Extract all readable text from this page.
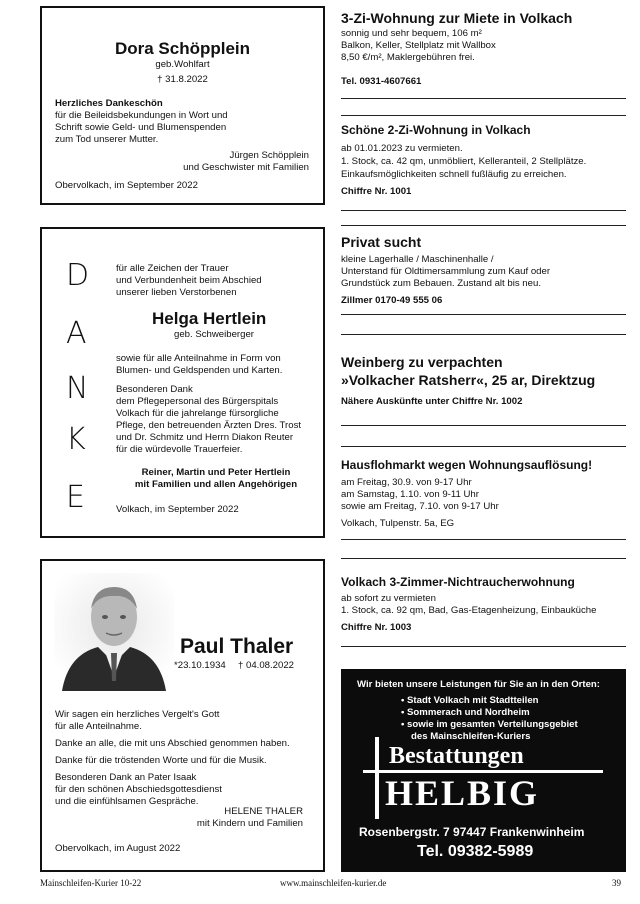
Dora Schöpplein
geb.Wohlfart
† 31.8.2022
Herzliches Dankeschön
für die Beileidsbekundungen in Wort und
Schrift sowie Geld- und Blumenspenden
zum Tod unserer Mutter.
Jürgen Schöpplein
und Geschwister mit Familien
Obervolkach, im September 2022
D
A
N
K
E
für alle Zeichen der Trauer
und Verbundenheit beim Abschied
unserer lieben Verstorbenen
Helga Hertlein
geb. Schweiberger
sowie für alle Anteilnahme in Form von
Blumen- und Geldspenden und Karten.
Besonderen Dank
dem Pflegepersonal des Bürgerspitals
Volkach für die jahrelange fürsorgliche
Pflege, den betreuenden Ärzten Dres. Trost
und Dr. Schmitz und Herrn Diakon Reuter
für die würdevolle Trauerfeier.
Reiner, Martin und Peter Hertlein
mit Familien und allen Angehörigen
Volkach, im September 2022
Paul Thaler
*23.10.1934 † 04.08.2022
Wir sagen ein herzliches Vergelt's Gott
für alle Anteilnahme.
Danke an alle, die mit uns Abschied genommen haben.
Danke für die tröstenden Worte und für die Musik.
Besonderen Dank an Pater Isaak
für den schönen Abschiedsgottesdienst
und die einfühlsamen Gespräche.
HELENE THALER
mit Kindern und Familien
Obervolkach, im August 2022
3-Zi-Wohnung zur Miete in Volkach
sonnig und sehr bequem, 106 m²
Balkon, Keller, Stellplatz mit Wallbox
8,50 €/m², Maklergebühren frei.
Tel. 0931-4607661
Schöne 2-Zi-Wohnung in Volkach
ab 01.01.2023 zu vermieten.
1. Stock, ca. 42 qm, unmöbliert, Kelleranteil, 2 Stellplätze.
Einkaufsmöglichkeiten schnell fußläufig zu erreichen.
Chiffre Nr. 1001
Privat sucht
kleine Lagerhalle / Maschinenhalle /
Unterstand für Oldtimersammlung zum Kauf oder
Grundstück zum Bebauen. Zustand alt bis neu.
Zillmer 0170-49 555 06
Weinberg zu verpachten
»Volkacher Ratsherr«, 25 ar, Direktzug
Nähere Auskünfte unter Chiffre Nr. 1002
Hausflohmarkt wegen Wohnungsauflösung!
am Freitag, 30.9. von 9-17 Uhr
am Samstag, 1.10. von 9-11 Uhr
sowie am Freitag, 7.10. von 9-17 Uhr
Volkach, Tulpenstr. 5a, EG
Volkach 3-Zimmer-Nichtraucherwohnung
ab sofort zu vermieten
1. Stock, ca. 92 qm, Bad, Gas-Etagenheizung, Einbauküche
Chiffre Nr. 1003
Wir bieten unsere Leistungen für Sie an in den Orten:
• Stadt Volkach mit Stadtteilen
• Sommerach und Nordheim
• sowie im gesamten Verteilungsgebiet
des Mainschleifen-Kuriers
Bestattungen
HELBIG
Rosenbergstr. 7 97447 Frankenwinheim
Tel. 09382-5989
Mainschleifen-Kurier 10-22	www.mainschleifen-kurier.de	39
